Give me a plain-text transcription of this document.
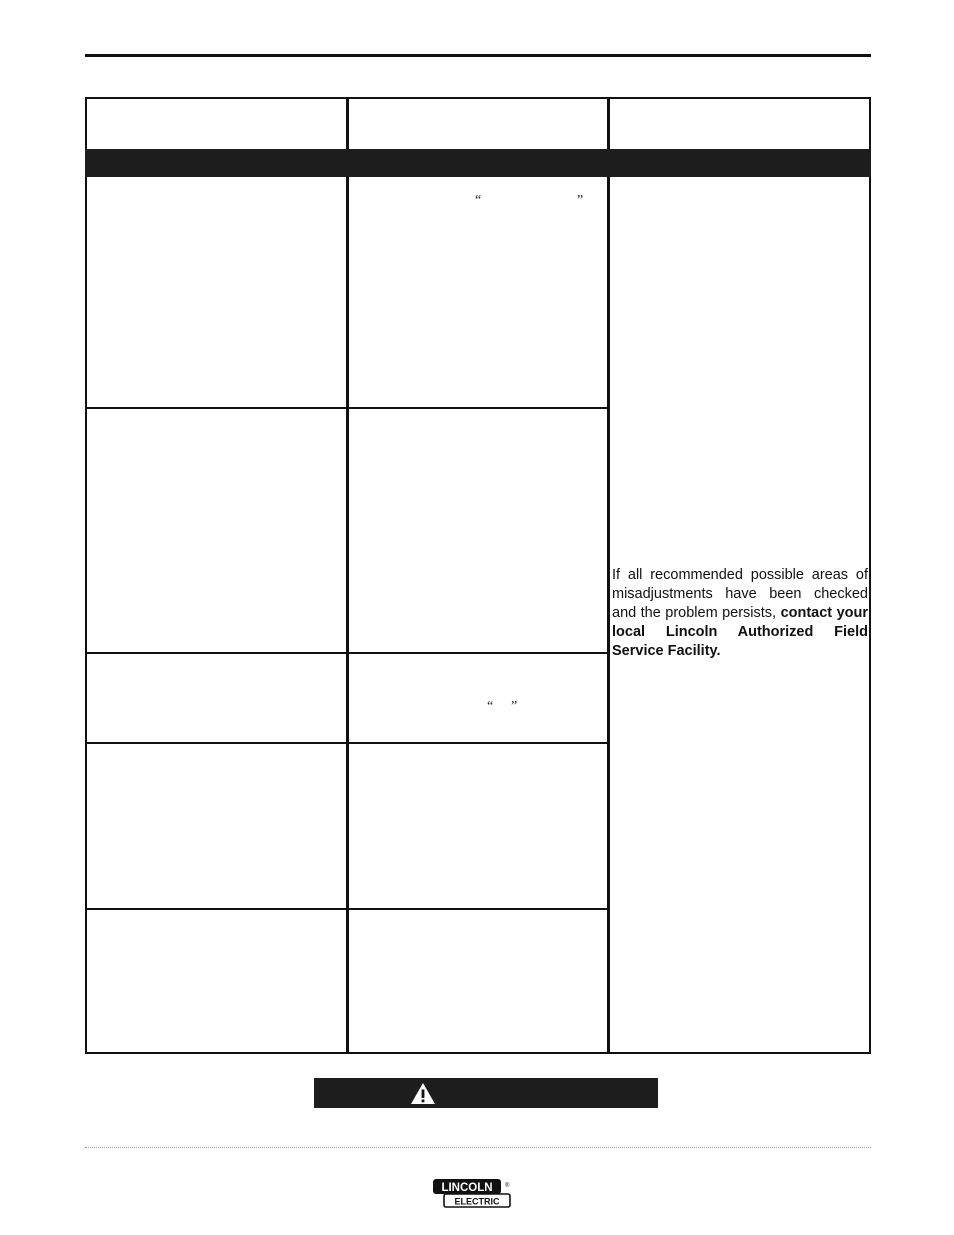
“	”
“ ”
If all recommended possible areas of misadjustments have been checked and the problem persists, contact your local Lincoln Authorized Field Service Facility.
LINCOLN
ELECTRIC
®
